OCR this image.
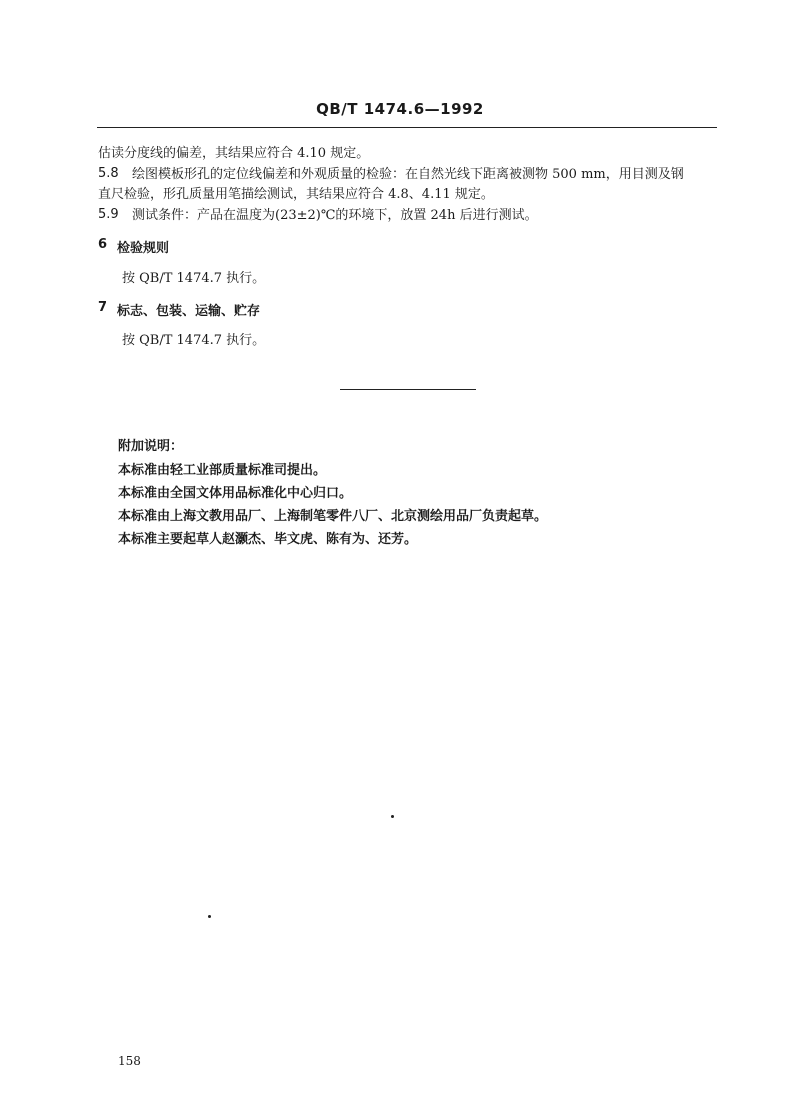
QB/T 1474.6—1992
估读分度线的偏差，其结果应符合 4.10 规定。
5.8 绘图模板形孔的定位线偏差和外观质量的检验：在自然光线下距离被测物 500 mm，用目测及钢
直尺检验，形孔质量用笔描绘测试，其结果应符合 4.8、4.11 规定。
5.9 测试条件：产品在温度为(23±2)℃的环境下，放置 24h 后进行测试。
6 检验规则
按 QB/T 1474.7 执行。
7 标志、包装、运输、贮存
按 QB/T 1474.7 执行。
附加说明：
本标准由轻工业部质量标准司提出。
本标准由全国文体用品标准化中心归口。
本标准由上海文教用品厂、上海制笔零件八厂、北京测绘用品厂负责起草。
本标准主要起草人赵灏杰、毕文虎、陈有为、还芳。
158
